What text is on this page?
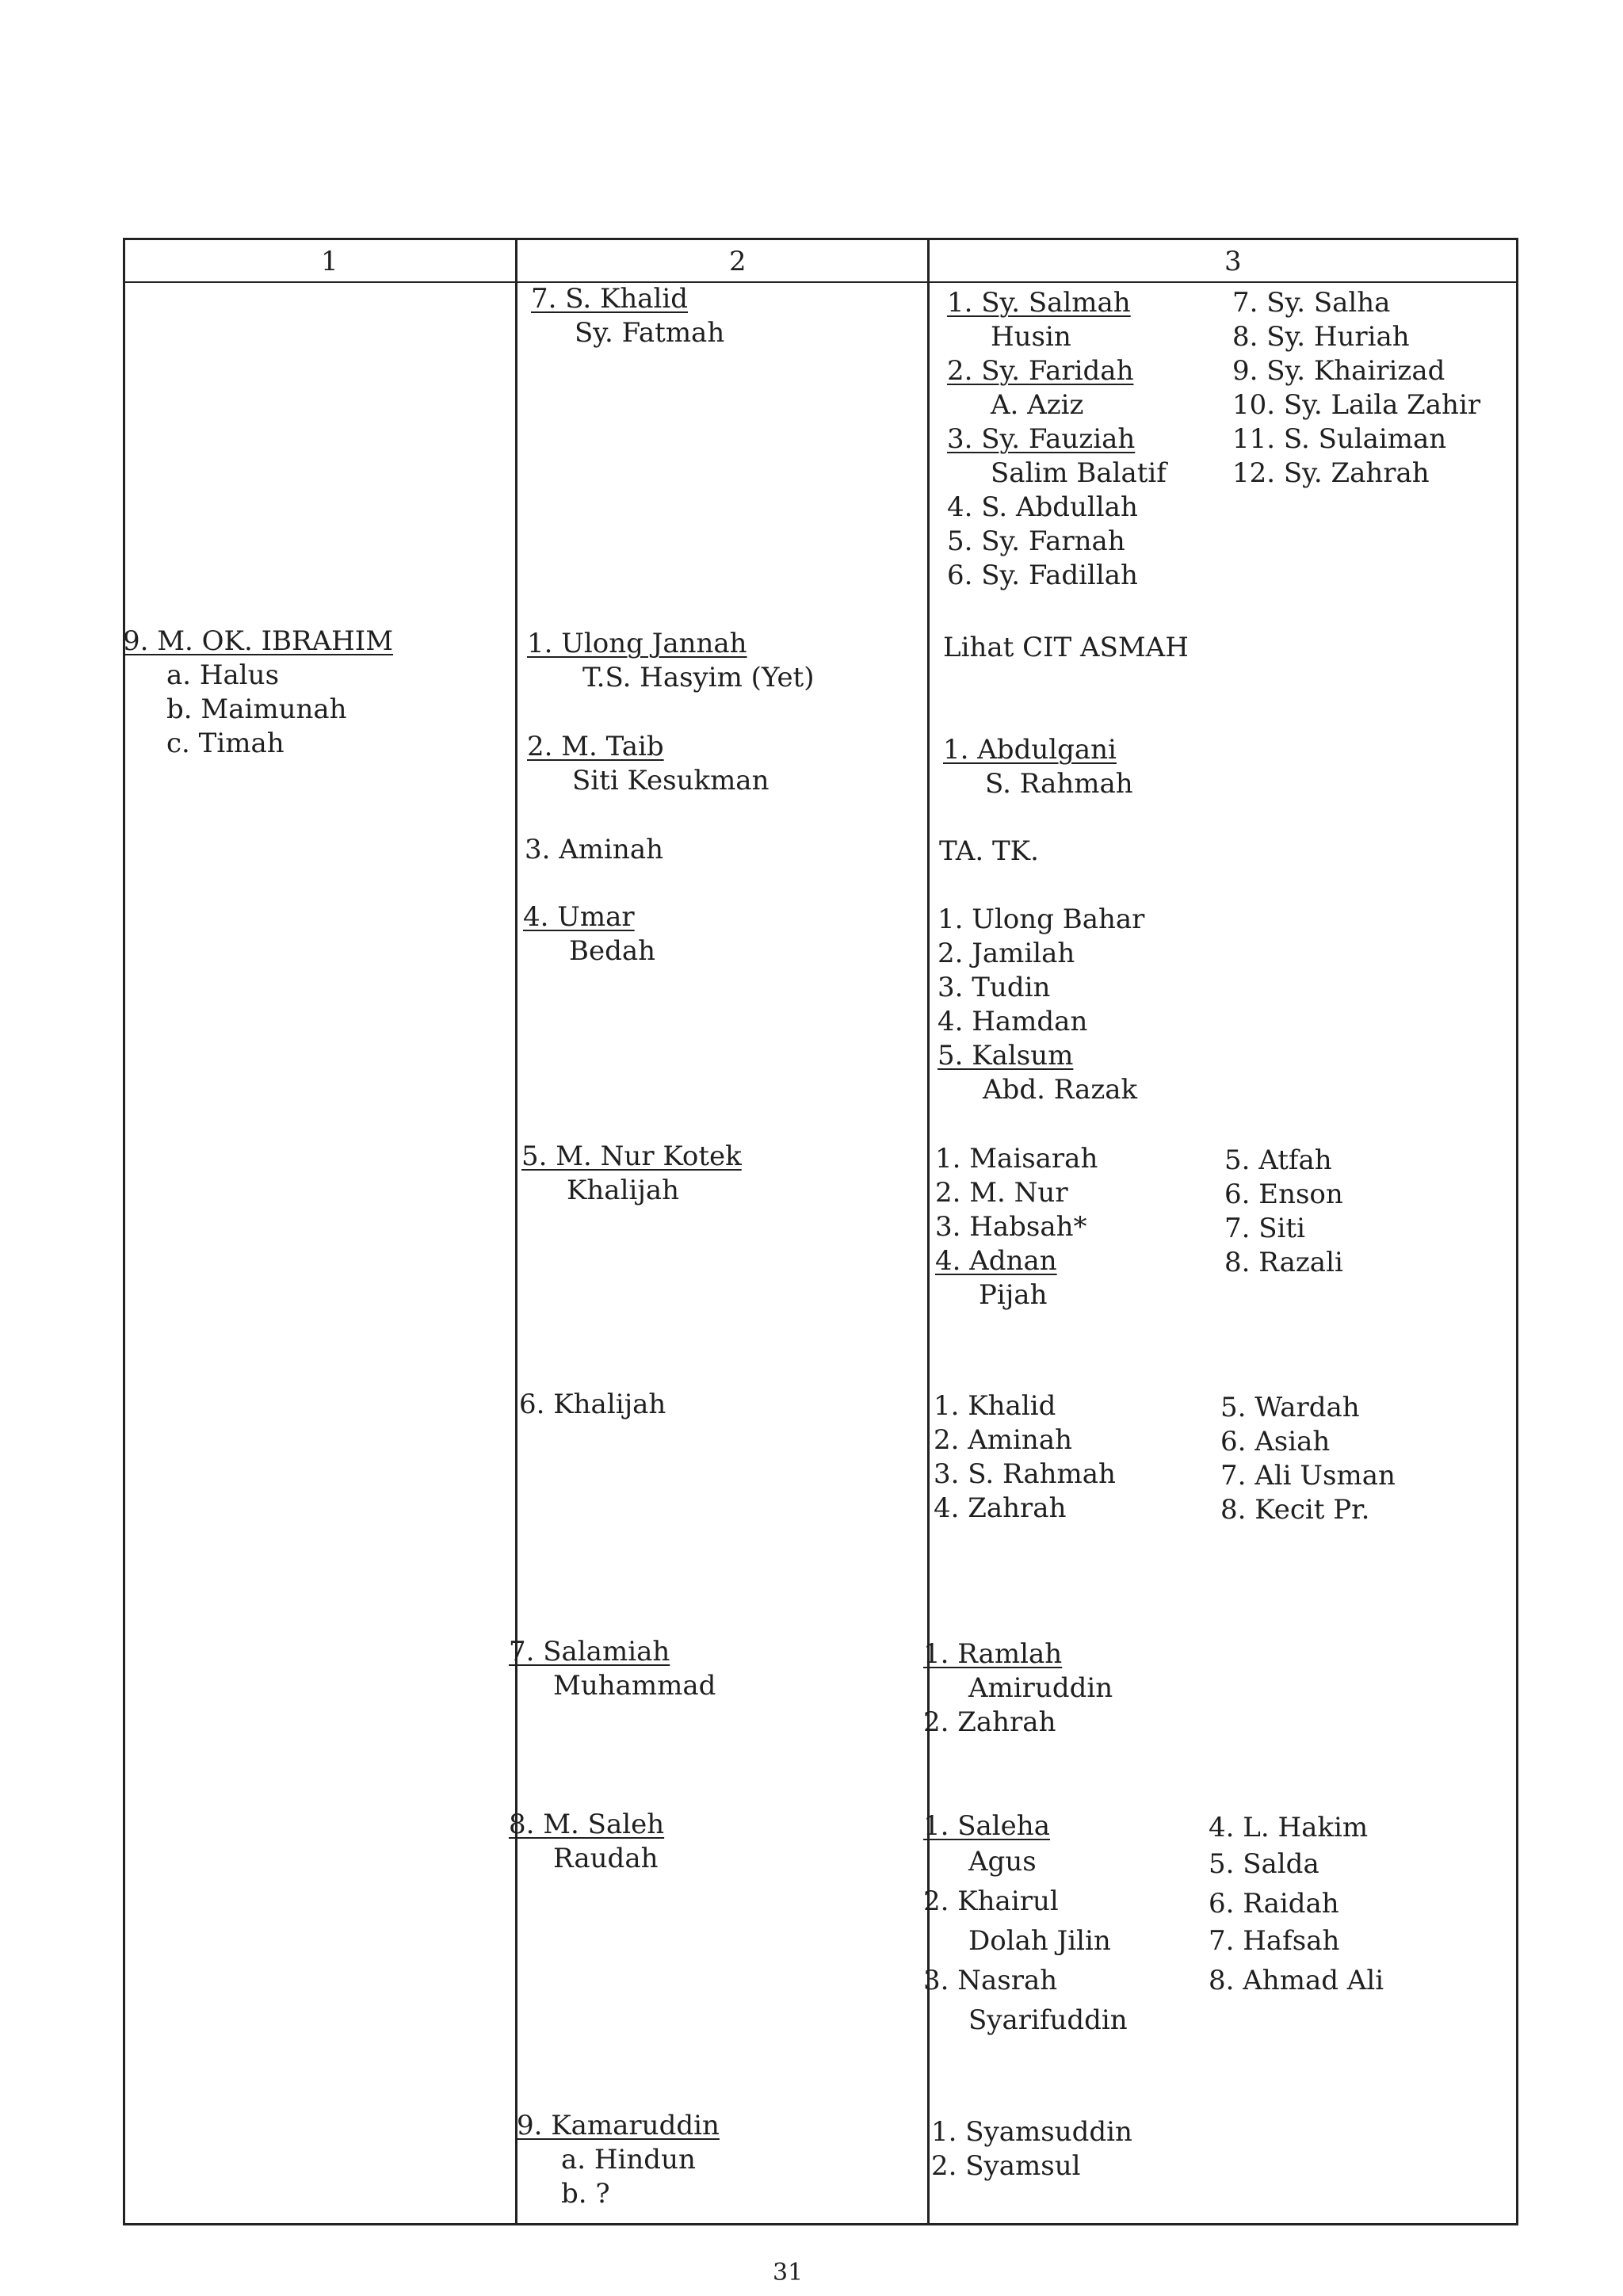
1	2	3
1. Sy. Salmah
Husin
2. Sy. Faridah
A. Aziz
3. Sy. Fauziah
Salim Balatif
4. S. Abdullah
5. Sy. Farnah
6. Sy. Fadillah
7. Sy. Salha
8. Sy. Huriah
9. Sy. Khairizad
10. Sy. Laila Zahir
11. S. Sulaiman
12. Sy. Zahrah
9. M. OK. IBRAHIM
a. Halus
b. Maimunah
c. Timah
7. S. Khalid
Sy. Fatmah
1. Ulong Jannah
T.S. Hasyim (Yet)
2. M. Taib
Siti Kesukman
3. Aminah
4. Umar
Bedah
5. M. Nur Kotek
Khalijah
6. Khalijah
7. Salamiah
Muhammad
8. M. Saleh
Raudah
9. Kamaruddin
a. Hindun
b. ?
Lihat CIT ASMAH
1. Abdulgani
S. Rahmah
TA. TK.
1. Ulong Bahar
2. Jamilah
3. Tudin
4. Hamdan
5. Kalsum
Abd. Razak
1. Maisarah
2. M. Nur
3. Habsah*
4. Adnan
Pijah
5. Atfah
6. Enson
7. Siti
8. Razali
1. Khalid
2. Aminah
3. S. Rahmah
4. Zahrah
5. Wardah
6. Asiah
7. Ali Usman
8. Kecit Pr.
1. Ramlah
Amiruddin
2. Zahrah
1. Saleha
Agus
2. Khairul
Dolah Jilin
3. Nasrah
Syarifuddin
4. L. Hakim
5. Salda
6. Raidah
7. Hafsah
8. Ahmad Ali
1. Syamsuddin
2. Syamsul
31
